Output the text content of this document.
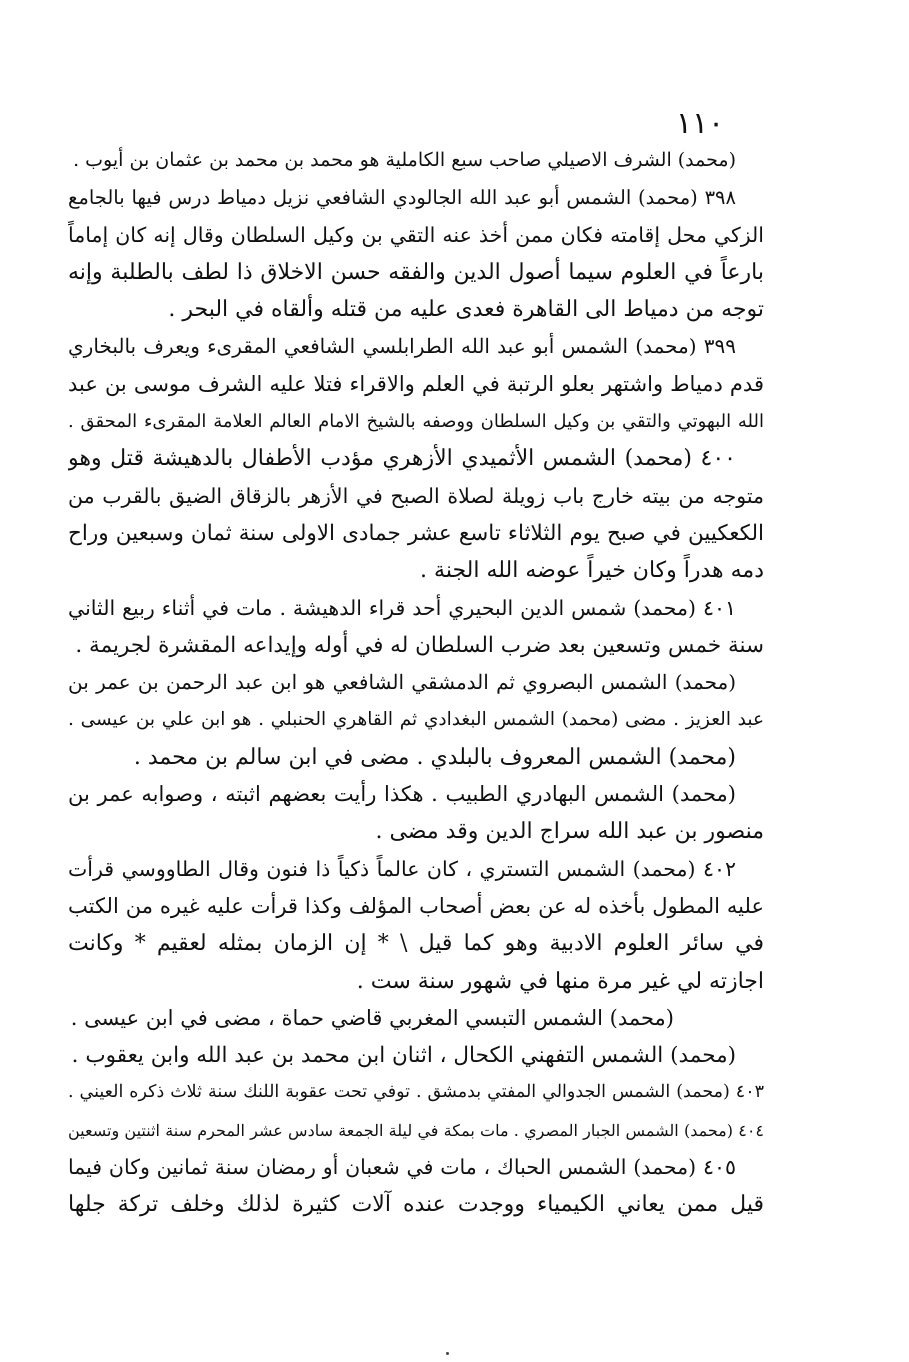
١١٠
(محمد) الشرف الاصيلي صاحب سبع الكاملية هو محمد بن محمد بن عثمان بن أيوب .
٣٩٨ (محمد) الشمس أبو عبد الله الجالودي الشافعي نزيل دمياط درس فيها بالجامع
الزكي محل إقامته فكان ممن أخذ عنه التقي بن وكيل السلطان وقال إنه كان إماماً
بارعاً في العلوم سيما أصول الدين والفقه حسن الاخلاق ذا لطف بالطلبة وإنه
توجه من دمياط الى القاهرة فعدى عليه من قتله وألقاه في البحر .
٣٩٩ (محمد) الشمس أبو عبد الله الطرابلسي الشافعي المقرىء ويعرف بالبخاري
قدم دمياط واشتهر بعلو الرتبة في العلم والاقراء فتلا عليه الشرف موسى بن عبد
الله البهوتي والتقي بن وكيل السلطان ووصفه بالشيخ الامام العالم العلامة المقرىء المحقق .
٤٠٠ (محمد) الشمس الأثميدي الأزهري مؤدب الأطفال بالدهيشة قتل وهو
متوجه من بيته خارج باب زويلة لصلاة الصبح في الأزهر بالزقاق الضيق بالقرب من
الكعكيين في صبح يوم الثلاثاء تاسع عشر جمادى الاولى سنة ثمان وسبعين وراح
دمه هدراً وكان خيراً عوضه الله الجنة .
٤٠١ (محمد) شمس الدين البحيري أحد قراء الدهيشة . مات في أثناء ربيع الثاني
سنة خمس وتسعين بعد ضرب السلطان له في أوله وإيداعه المقشرة لجريمة .
(محمد) الشمس البصروي ثم الدمشقي الشافعي هو ابن عبد الرحمن بن عمر بن
عبد العزيز . مضى (محمد) الشمس البغدادي ثم القاهري الحنبلي . هو ابن علي بن عيسى .
(محمد) الشمس المعروف بالبلدي . مضى في ابن سالم بن محمد .
(محمد) الشمس البهادري الطبيب . هكذا رأيت بعضهم اثبته ، وصوابه عمر بن
منصور بن عبد الله سراج الدين وقد مضى .
٤٠٢ (محمد) الشمس التستري ، كان عالماً ذكياً ذا فنون وقال الطاووسي قرأت
عليه المطول بأخذه له عن بعض أصحاب المؤلف وكذا قرأت عليه غيره من الكتب
في سائر العلوم الادبية وهو كما قيل \ * إن الزمان بمثله لعقيم * وكانت
اجازته لي غير مرة منها في شهور سنة ست .
(محمد) الشمس التبسي المغربي قاضي حماة ، مضى في ابن عيسى .
(محمد) الشمس التفهني الكحال ، اثنان ابن محمد بن عبد الله وابن يعقوب .
٤٠٣ (محمد) الشمس الجدوالي المفتي بدمشق . توفي تحت عقوبة اللنك سنة ثلاث ذكره العيني .
٤٠٤ (محمد) الشمس الجبار المصري . مات بمكة في ليلة الجمعة سادس عشر المحرم سنة اثنتين وتسعين
٤٠٥ (محمد) الشمس الحباك ، مات في شعبان أو رمضان سنة ثمانين وكان فيما
قيل ممن يعاني الكيمياء ووجدت عنده آلات كثيرة لذلك وخلف تركة جلها
